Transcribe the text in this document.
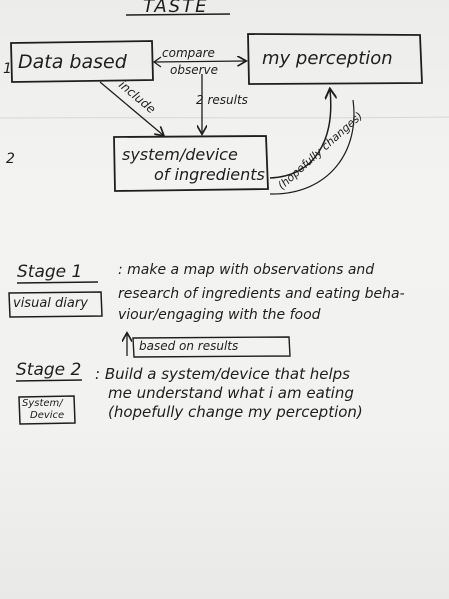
TASTE
1
2
Data based	my perception
system/device
of ingredients
compare
observe
include	2 results
(hopefully changes)
Stage 1
visual diary
: make a map with observations and
research of ingredients and eating beha-
viour/engaging with the food
based on results
Stage 2
System/
Device
: Build a system/device that helps
me understand what i am eating
(hopefully change my perception)
